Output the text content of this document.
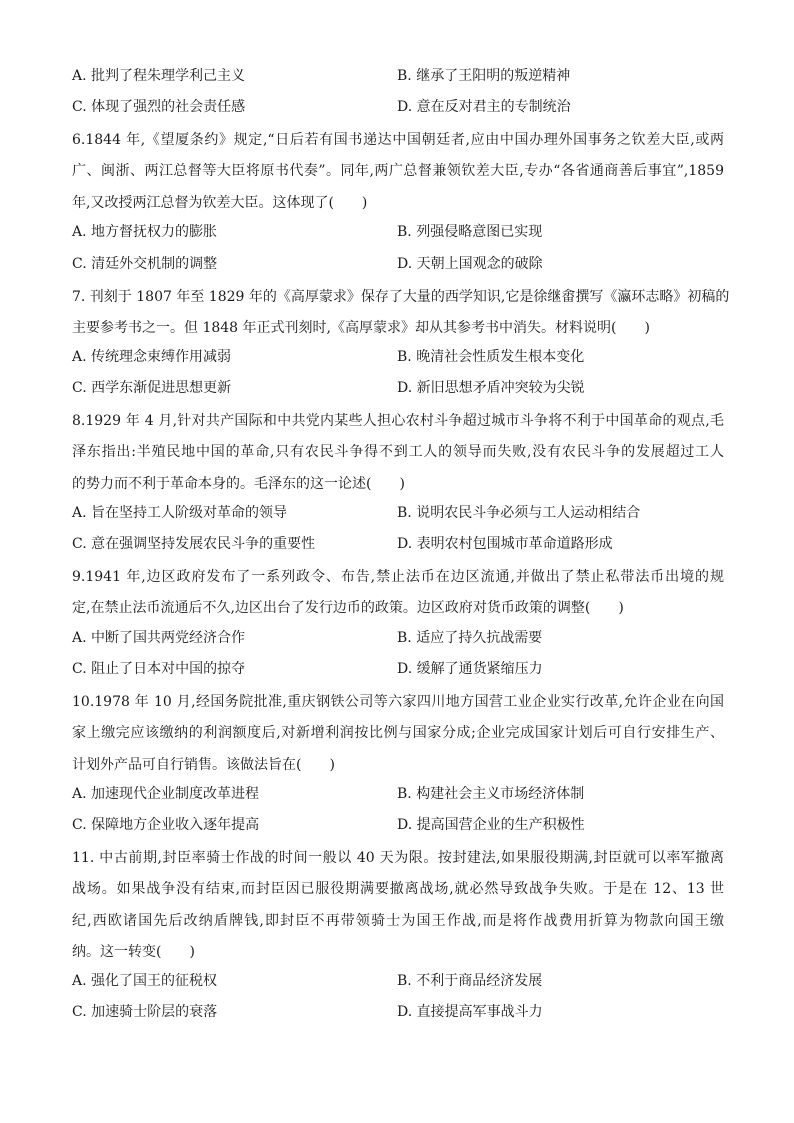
A. 批判了程朱理学利己主义	B. 继承了王阳明的叛逆精神
C. 体现了强烈的社会责任感	D. 意在反对君主的专制统治
6.1844 年,《望厦条约》规定,“日后若有国书递达中国朝廷者,应由中国办理外国事务之钦差大臣,或两
广、闽浙、两江总督等大臣将原书代奏”。同年,两广总督兼领钦差大臣,专办“各省通商善后事宜”,1859
年,又改授两江总督为钦差大臣。这体现了(　　)
A. 地方督抚权力的膨胀	B. 列强侵略意图已实现
C. 清廷外交机制的调整	D. 天朝上国观念的破除
7. 刊刻于 1807 年至 1829 年的《高厚蒙求》保存了大量的西学知识,它是徐继畬撰写《瀛环志略》初稿的
主要参考书之一。但 1848 年正式刊刻时,《高厚蒙求》却从其参考书中消失。材料说明(　　)
A. 传统理念束缚作用减弱	B. 晚清社会性质发生根本变化
C. 西学东渐促进思想更新	D. 新旧思想矛盾冲突较为尖锐
8.1929 年 4 月,针对共产国际和中共党内某些人担心农村斗争超过城市斗争将不利于中国革命的观点,毛
泽东指出:半殖民地中国的革命,只有农民斗争得不到工人的领导而失败,没有农民斗争的发展超过工人
的势力而不利于革命本身的。毛泽东的这一论述(　　)
A. 旨在坚持工人阶级对革命的领导	B. 说明农民斗争必须与工人运动相结合
C. 意在强调坚持发展农民斗争的重要性	D. 表明农村包围城市革命道路形成
9.1941 年,边区政府发布了一系列政令、布告,禁止法币在边区流通,并做出了禁止私带法币出境的规
定,在禁止法币流通后不久,边区出台了发行边币的政策。边区政府对货币政策的调整(　　)
A. 中断了国共两党经济合作	B. 适应了持久抗战需要
C. 阻止了日本对中国的掠夺	D. 缓解了通货紧缩压力
10.1978 年 10 月,经国务院批准,重庆钢铁公司等六家四川地方国营工业企业实行改革,允许企业在向国
家上缴完应该缴纳的利润额度后,对新增利润按比例与国家分成;企业完成国家计划后可自行安排生产、
计划外产品可自行销售。该做法旨在(　　)
A. 加速现代企业制度改革进程	B. 构建社会主义市场经济体制
C. 保障地方企业收入逐年提高	D. 提高国营企业的生产积极性
11. 中古前期,封臣率骑士作战的时间一般以 40 天为限。按封建法,如果服役期满,封臣就可以率军撤离
战场。如果战争没有结束,而封臣因已服役期满要撤离战场,就必然导致战争失败。于是在 12、13 世
纪,西欧诸国先后改纳盾牌钱,即封臣不再带领骑士为国王作战,而是将作战费用折算为物款向国王缴
纳。这一转变(　　)
A. 强化了国王的征税权	B. 不利于商品经济发展
C. 加速骑士阶层的衰落	D. 直接提高军事战斗力
